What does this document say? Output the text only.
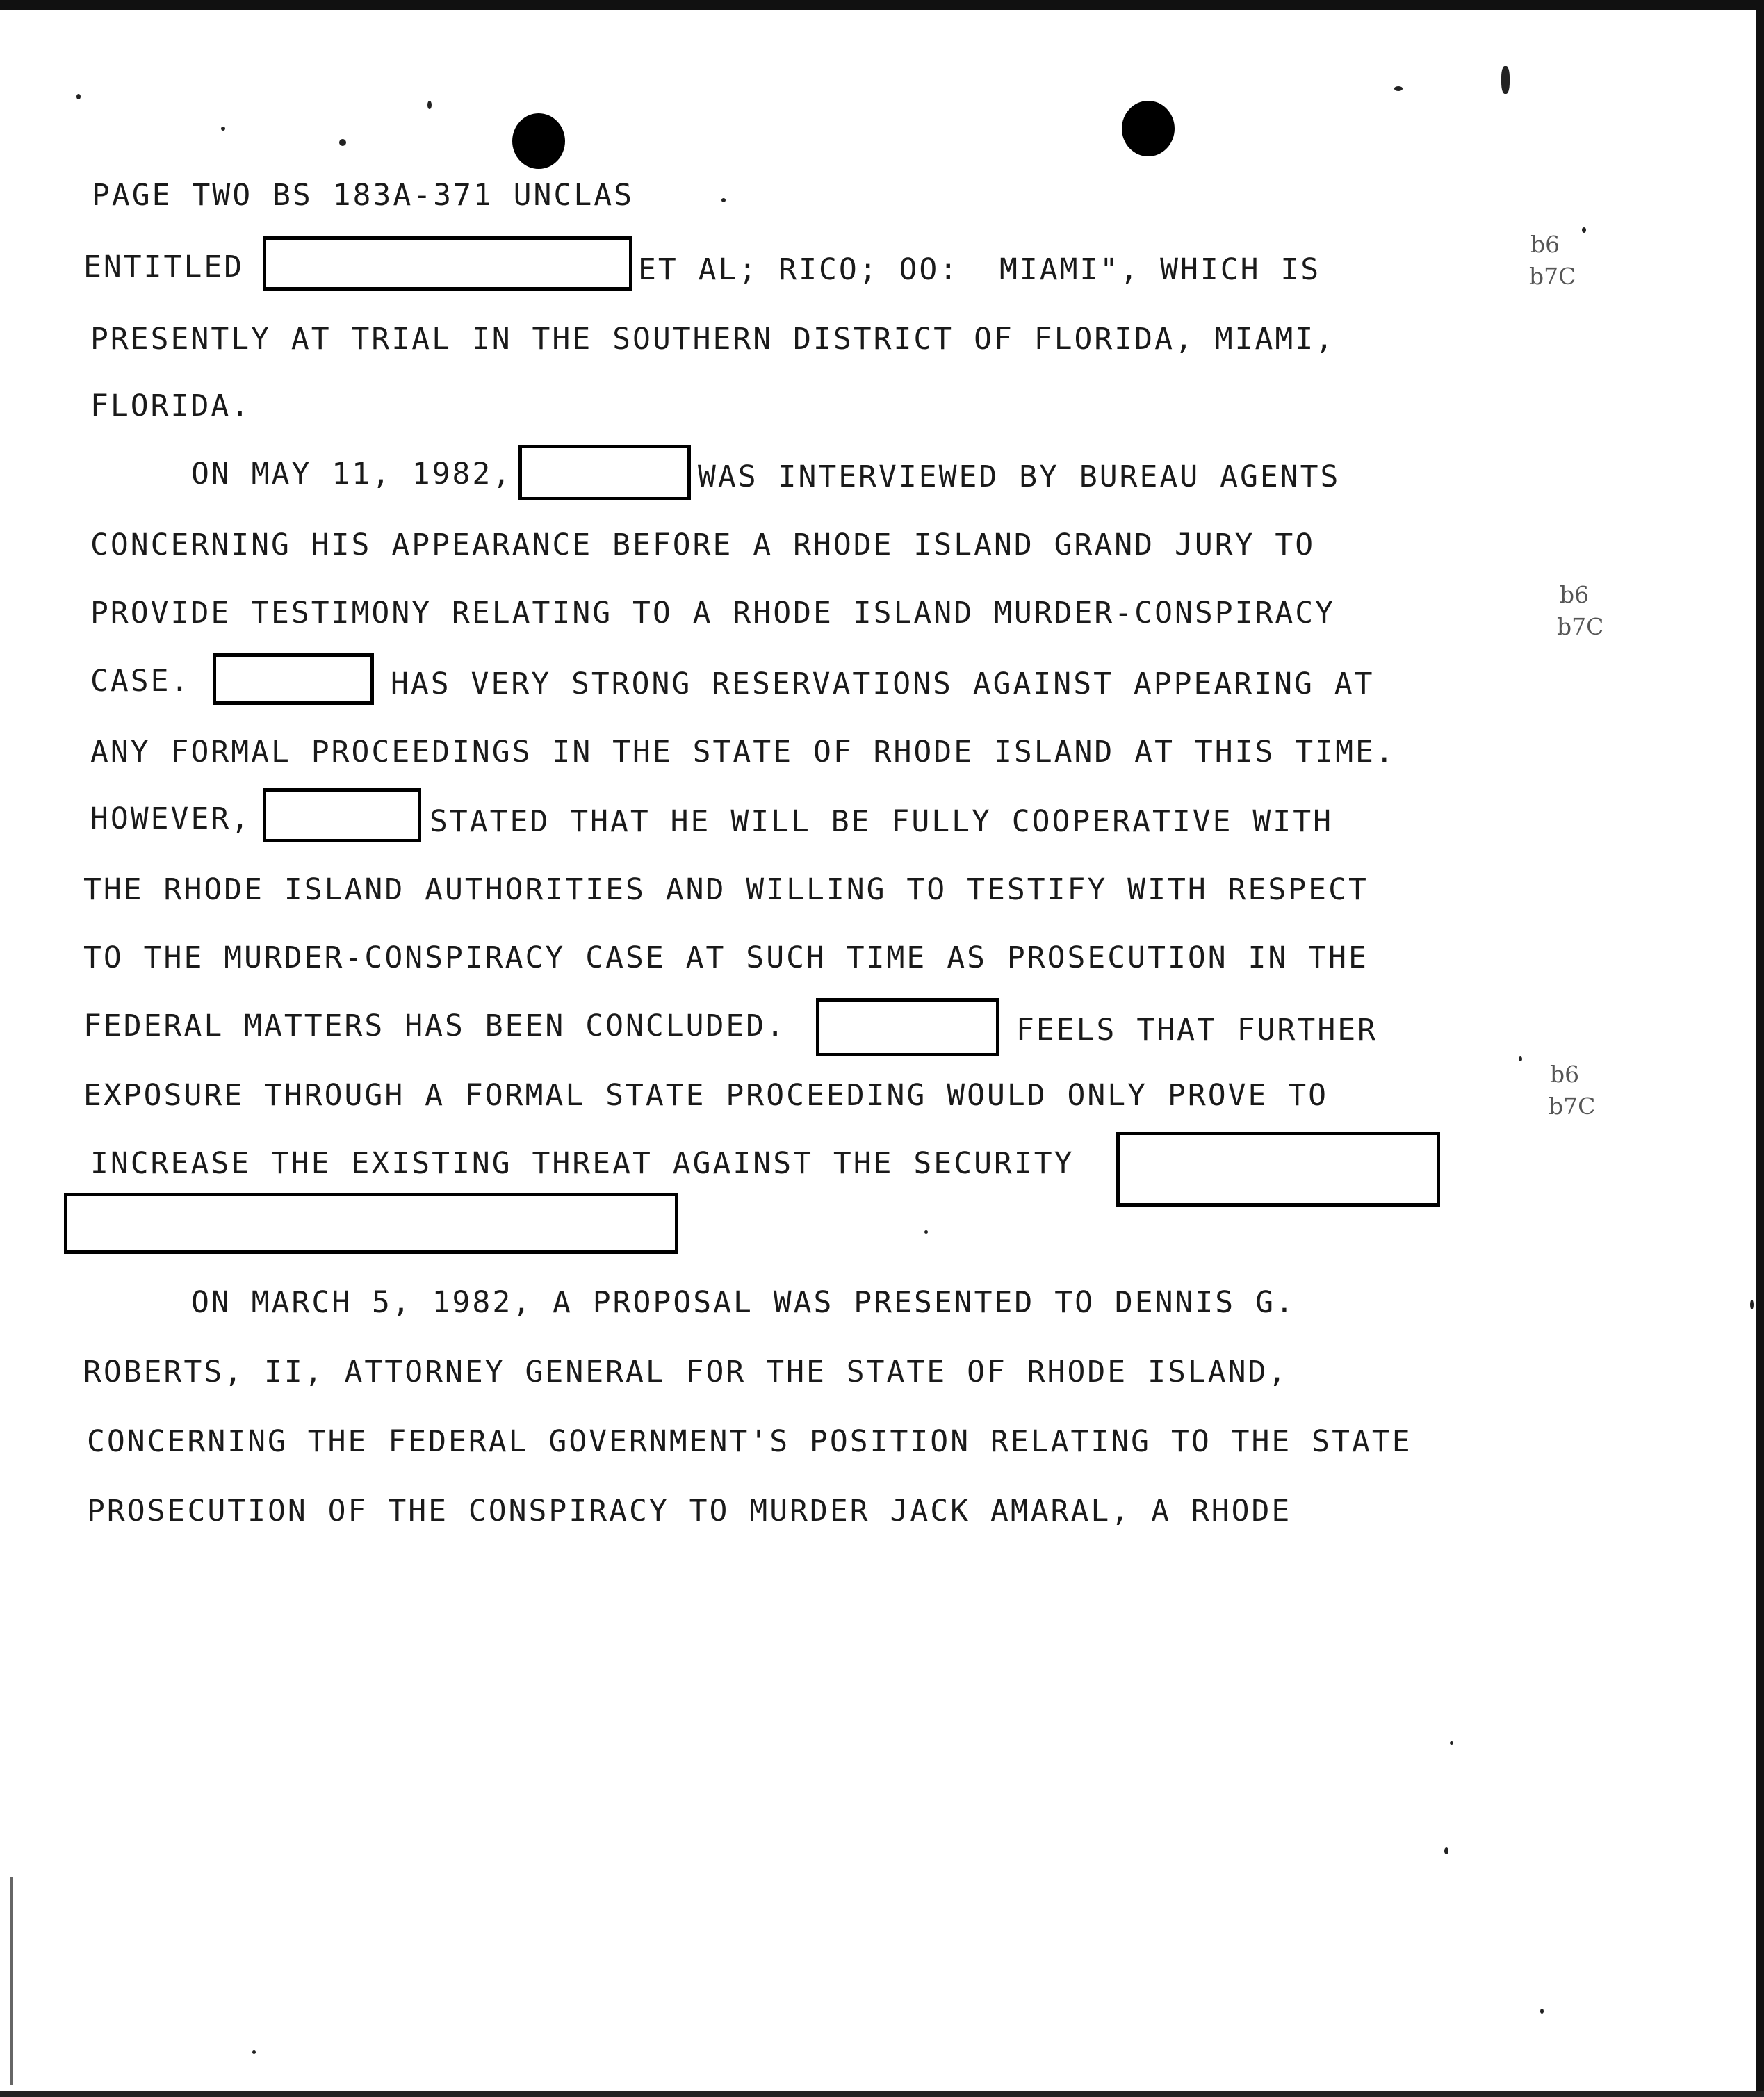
PAGE TWO BS 183A-371 UNCLAS

ENTITLED	ET AL; RICO; OO:  MIAMI", WHICH IS

PRESENTLY AT TRIAL IN THE SOUTHERN DISTRICT OF FLORIDA, MIAMI,

FLORIDA.

ON MAY 11, 1982,	WAS INTERVIEWED BY BUREAU AGENTS

CONCERNING HIS APPEARANCE BEFORE A RHODE ISLAND GRAND JURY TO

PROVIDE TESTIMONY RELATING TO A RHODE ISLAND MURDER-CONSPIRACY

CASE.	HAS VERY STRONG RESERVATIONS AGAINST APPEARING AT

ANY FORMAL PROCEEDINGS IN THE STATE OF RHODE ISLAND AT THIS TIME.

HOWEVER,	STATED THAT HE WILL BE FULLY COOPERATIVE WITH

THE RHODE ISLAND AUTHORITIES AND WILLING TO TESTIFY WITH RESPECT

TO THE MURDER-CONSPIRACY CASE AT SUCH TIME AS PROSECUTION IN THE

FEDERAL MATTERS HAS BEEN CONCLUDED.	FEELS THAT FURTHER

EXPOSURE THROUGH A FORMAL STATE PROCEEDING WOULD ONLY PROVE TO

INCREASE THE EXISTING THREAT AGAINST THE SECURITY

ON MARCH 5, 1982, A PROPOSAL WAS PRESENTED TO DENNIS G.

ROBERTS, II, ATTORNEY GENERAL FOR THE STATE OF RHODE ISLAND,

CONCERNING THE FEDERAL GOVERNMENT'S POSITION RELATING TO THE STATE

PROSECUTION OF THE CONSPIRACY TO MURDER JACK AMARAL, A RHODE

b6
b7C
b6
b7C
b6
b7C
